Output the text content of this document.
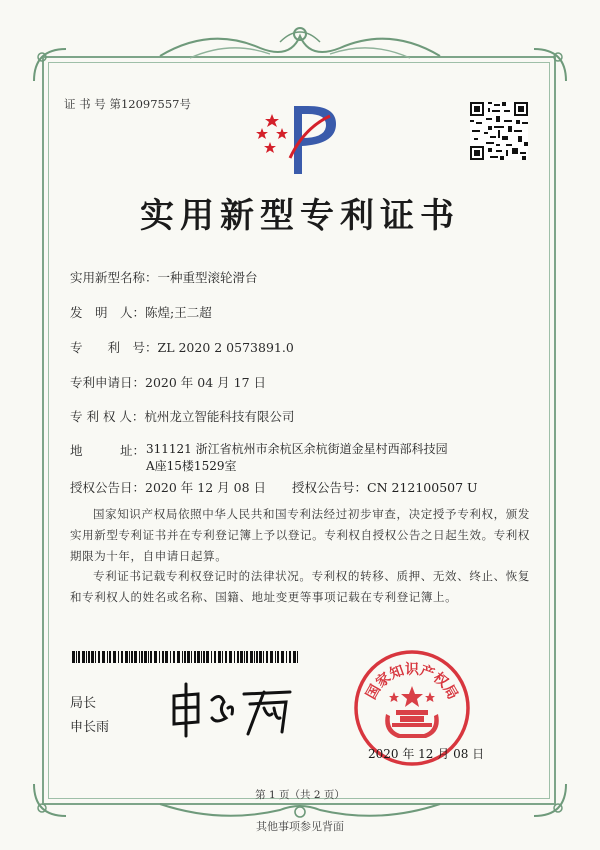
证 书 号 第12097557号
实用新型专利证书
实用新型名称：一种重型滚轮滑台
发　明　人：陈煌;王二超
专　　利　号：ZL 2020 2 0573891.0
专利申请日：2020 年 04 月 17 日
专 利 权 人：杭州龙立智能科技有限公司
地　　　址： 311121 浙江省杭州市余杭区余杭街道金星村西部科技园A座15楼1529室
授权公告日：2020 年 12 月 08 日 授权公告号：CN 212100507 U
国家知识产权局依照中华人民共和国专利法经过初步审查，决定授予专利权，颁发实用新型专利证书并在专利登记簿上予以登记。专利权自授权公告之日起生效。专利权期限为十年，自申请日起算。
专利证书记载专利权登记时的法律状况。专利权的转移、质押、无效、终止、恢复和专利权人的姓名或名称、国籍、地址变更等事项记载在专利登记簿上。
局长
申长雨
国家知识产权局
2020 年 12 月 08 日
第 1 页（共 2 页）
其他事项参见背面
